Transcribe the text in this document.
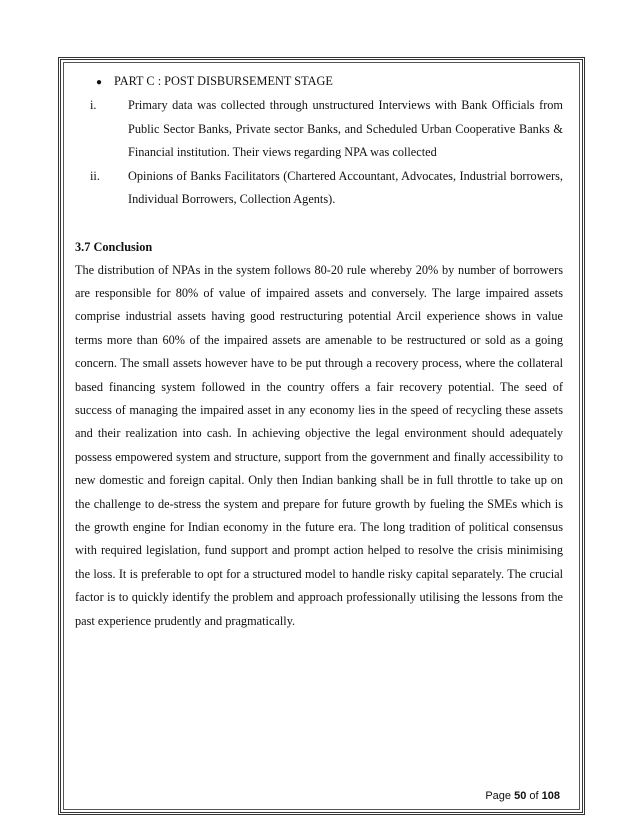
● PART C : POST DISBURSEMENT STAGE
i.	Primary data was collected through unstructured Interviews with Bank Officials from Public Sector Banks, Private sector Banks, and Scheduled Urban Cooperative Banks & Financial institution. Their views regarding NPA was collected
ii.	Opinions of Banks Facilitators (Chartered Accountant, Advocates, Industrial borrowers, Individual Borrowers, Collection Agents).
3.7 Conclusion

The distribution of NPAs in the system follows 80-20 rule whereby 20% by number of borrowers are responsible for 80% of value of impaired assets and conversely. The large impaired assets comprise industrial assets having good restructuring potential Arcil experience shows in value terms more than 60% of the impaired assets are amenable to be restructured or sold as a going concern. The small assets however have to be put through a recovery process, where the collateral based financing system followed in the country offers a fair recovery potential. The seed of success of managing the impaired asset in any economy lies in the speed of recycling these assets and their realization into cash. In achieving objective the legal environment should adequately possess empowered system and structure, support from the government and finally accessibility to new domestic and foreign capital. Only then Indian banking shall be in full throttle to take up on the challenge to de-stress the system and prepare for future growth by fueling the SMEs which is the growth engine for Indian economy in the future era. The long tradition of political consensus with required legislation, fund support and prompt action helped to resolve the crisis minimising the loss. It is preferable to opt for a structured model to handle risky capital separately. The crucial factor is to quickly identify the problem and approach professionally utilising the lessons from the past experience prudently and pragmatically.

Page 50 of 108
